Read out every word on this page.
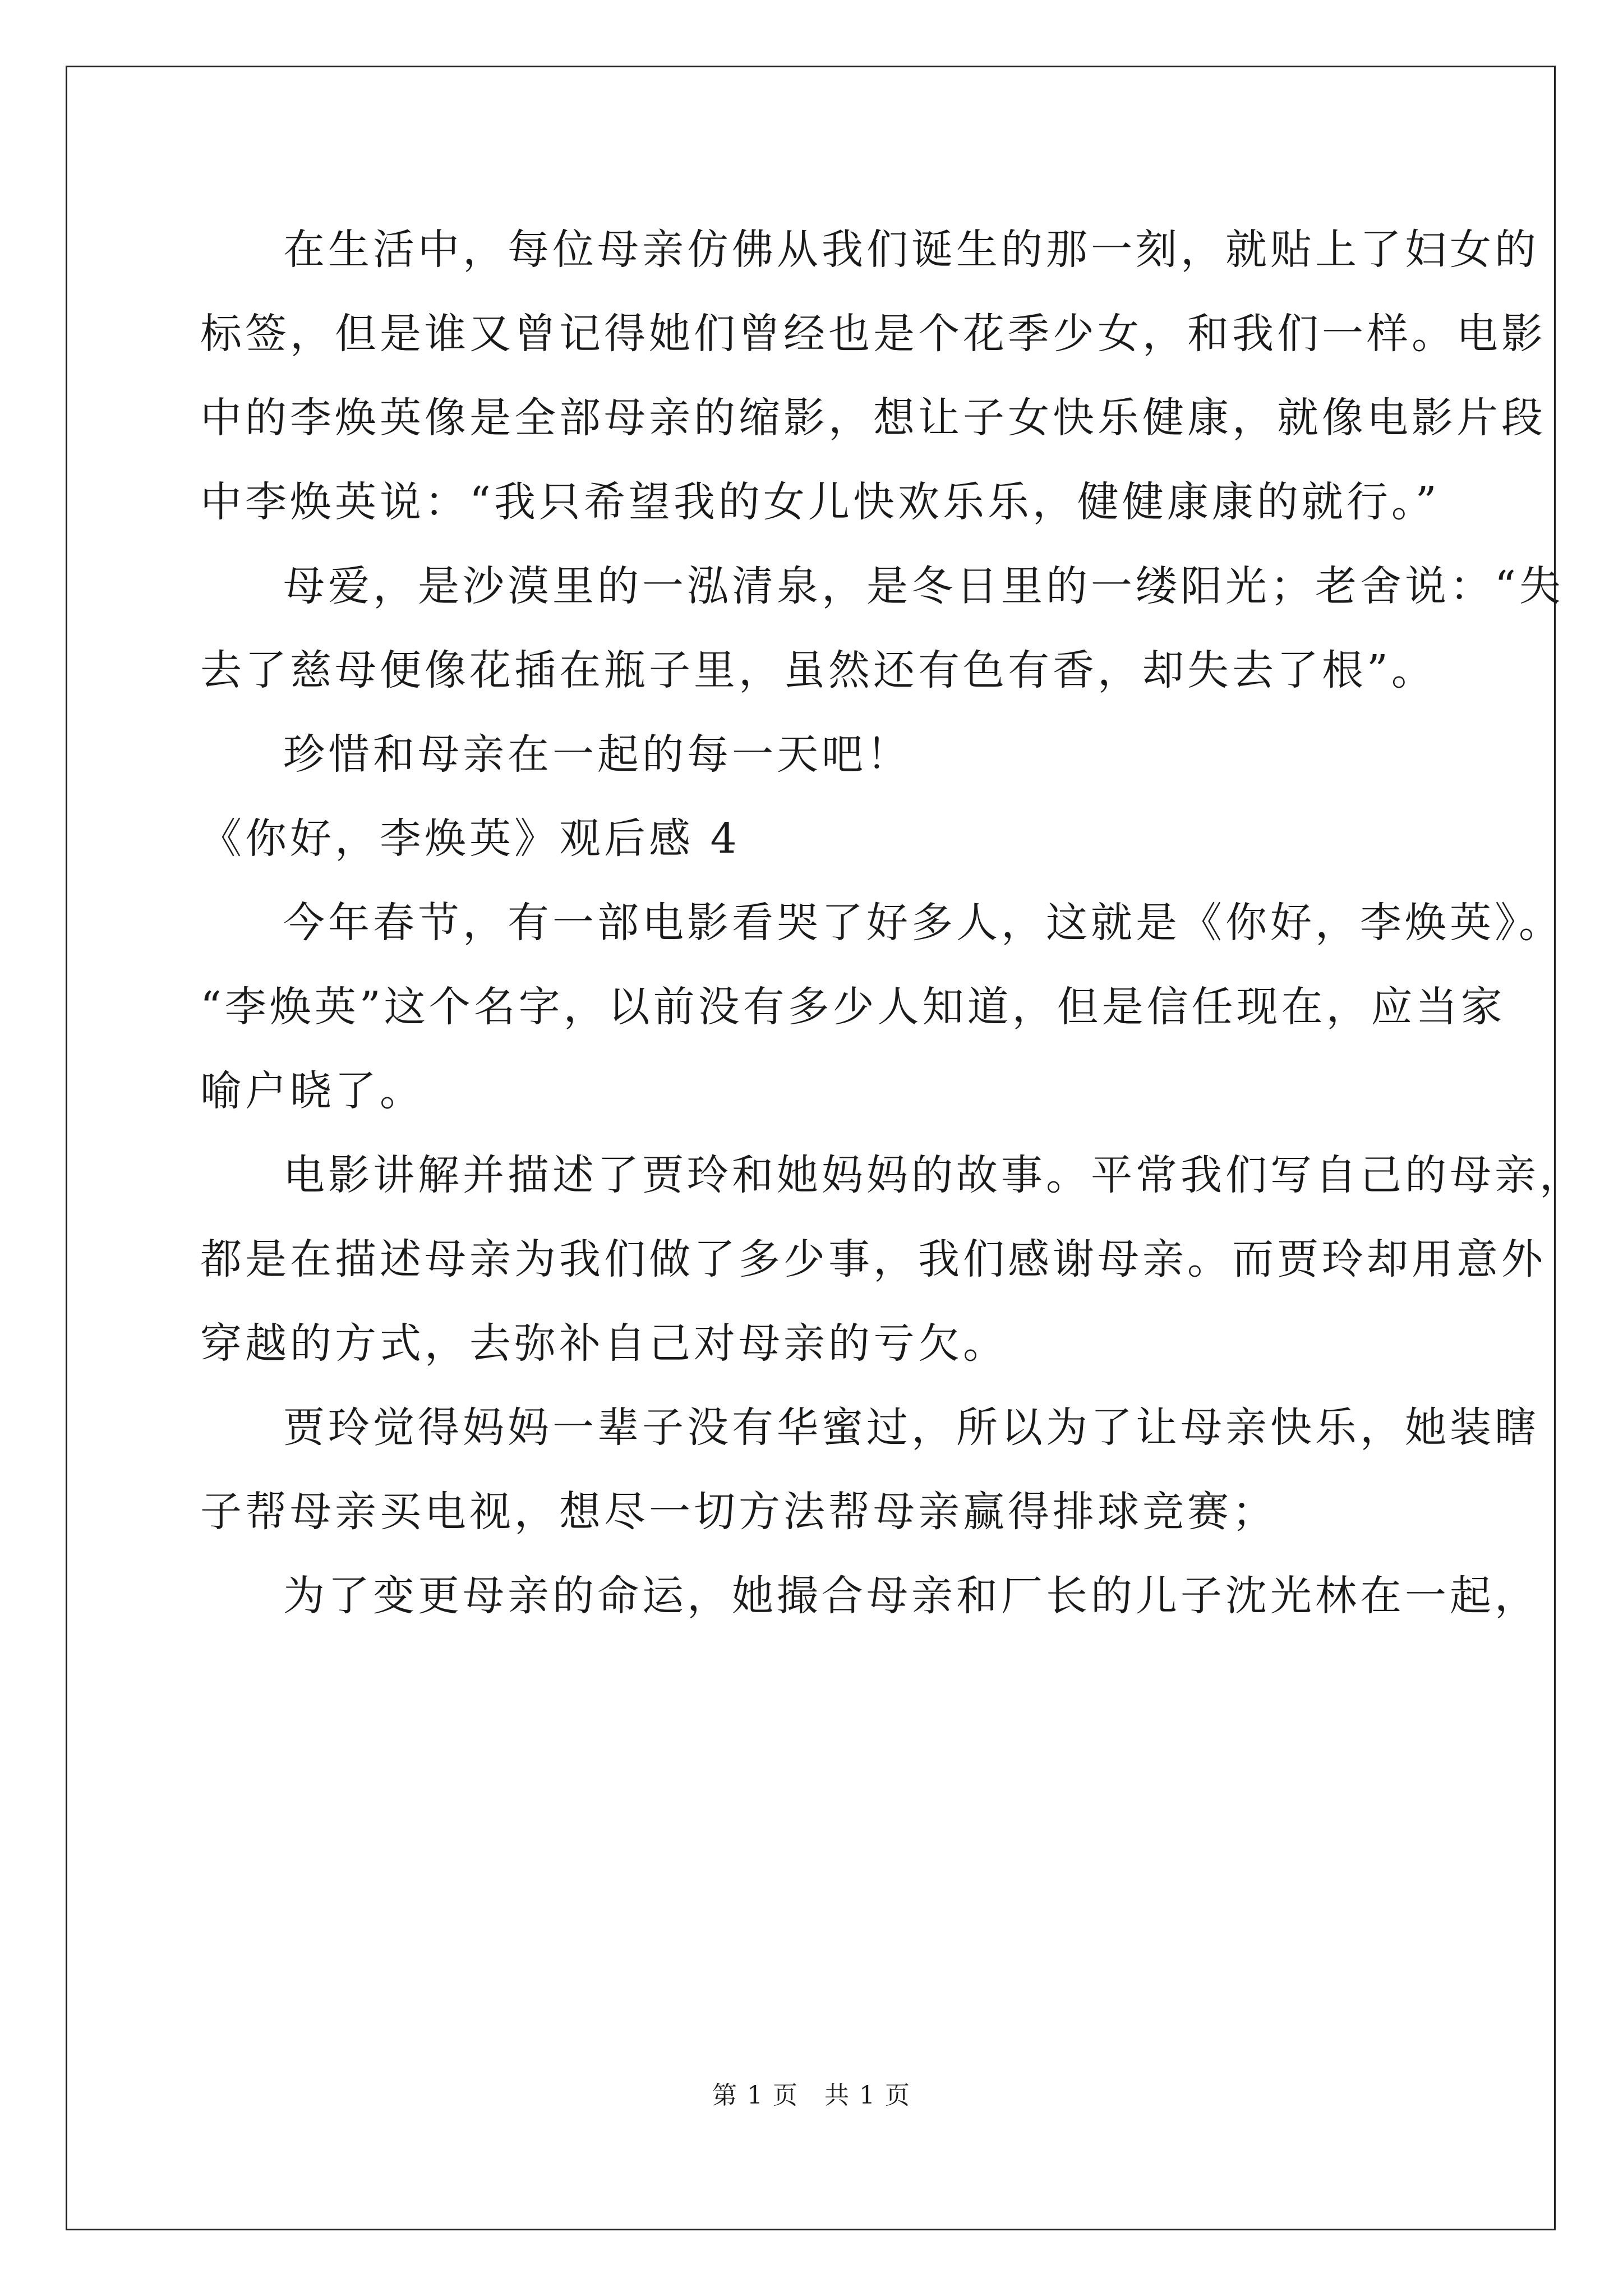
在生活中，每位母亲仿佛从我们诞生的那一刻，就贴上了妇女的
标签，但是谁又曾记得她们曾经也是个花季少女，和我们一样。电影
中的李焕英像是全部母亲的缩影，想让子女快乐健康，就像电影片段
中李焕英说：“我只希望我的女儿快欢乐乐，健健康康的就行。”
母爱，是沙漠里的一泓清泉，是冬日里的一缕阳光；老舍说：“失
去了慈母便像花插在瓶子里，虽然还有色有香，却失去了根”。
珍惜和母亲在一起的每一天吧！
《你好，李焕英》观后感 4
今年春节，有一部电影看哭了好多人，这就是《你好，李焕英》。
“李焕英”这个名字，以前没有多少人知道，但是信任现在，应当家
喻户晓了。
电影讲解并描述了贾玲和她妈妈的故事。平常我们写自己的母亲，
都是在描述母亲为我们做了多少事，我们感谢母亲。而贾玲却用意外
穿越的方式，去弥补自己对母亲的亏欠。
贾玲觉得妈妈一辈子没有华蜜过，所以为了让母亲快乐，她装瞎
子帮母亲买电视，想尽一切方法帮母亲赢得排球竞赛；
为了变更母亲的命运，她撮合母亲和厂长的儿子沈光林在一起，
第 1 页　共 1 页
